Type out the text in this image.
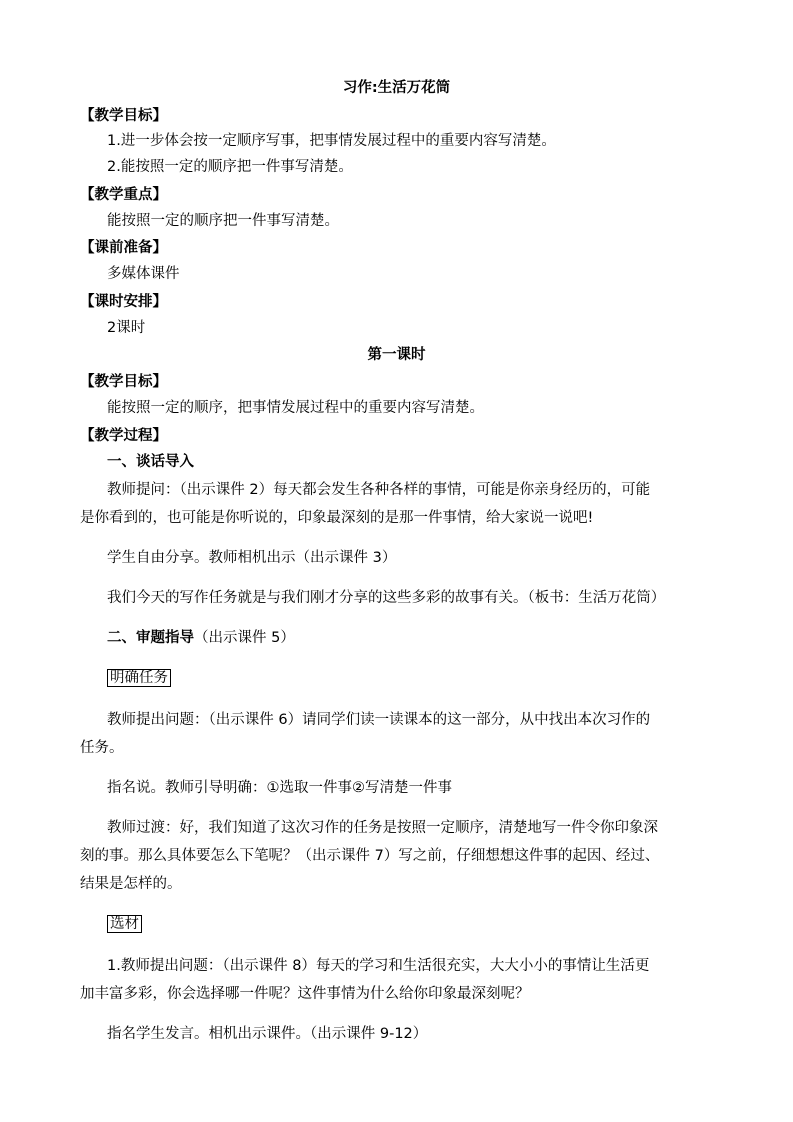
习作:生活万花筒
【教学目标】
1.进一步体会按一定顺序写事，把事情发展过程中的重要内容写清楚。
2.能按照一定的顺序把一件事写清楚。
【教学重点】
能按照一定的顺序把一件事写清楚。
【课前准备】
多媒体课件
【课时安排】
2课时
第一课时
【教学目标】
能按照一定的顺序，把事情发展过程中的重要内容写清楚。
【教学过程】
一、谈话导入
教师提问：（出示课件 2）每天都会发生各种各样的事情，可能是你亲身经历的，可能
是你看到的，也可能是你听说的，印象最深刻的是那一件事情，给大家说一说吧!
学生自由分享。教师相机出示（出示课件 3）
我们今天的写作任务就是与我们刚才分享的这些多彩的故事有关。（板书：生活万花筒）
二、审题指导（出示课件 5）
明确任务
教师提出问题：（出示课件 6）请同学们读一读课本的这一部分，从中找出本次习作的
任务。
指名说。教师引导明确：①选取一件事②写清楚一件事
教师过渡：好，我们知道了这次习作的任务是按照一定顺序，清楚地写一件令你印象深
刻的事。那么具体要怎么下笔呢？（出示课件 7）写之前，仔细想想这件事的起因、经过、
结果是怎样的。
选材
1.教师提出问题：（出示课件 8）每天的学习和生活很充实，大大小小的事情让生活更
加丰富多彩，你会选择哪一件呢？这件事情为什么给你印象最深刻呢？
指名学生发言。相机出示课件。（出示课件 9-12）
